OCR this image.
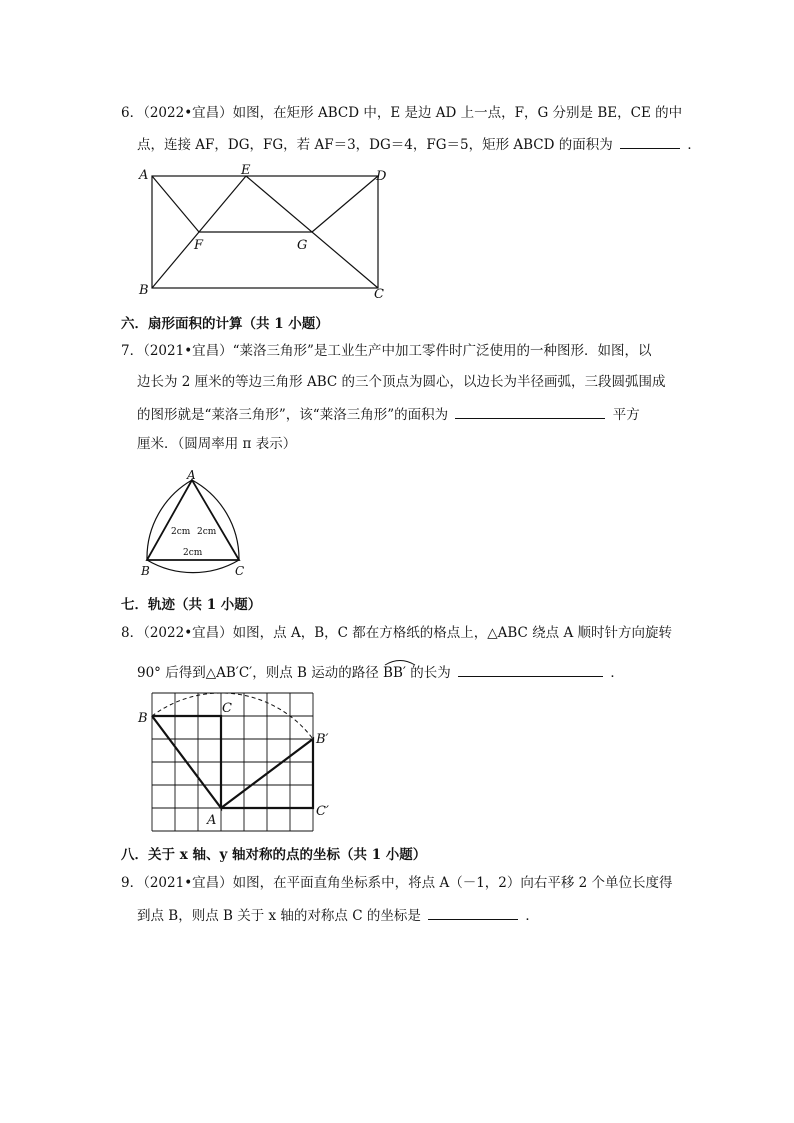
6．（2022•宜昌）如图，在矩形 ABCD 中，E 是边 AD 上一点，F，G 分别是 BE，CE 的中
点，连接 AF，DG，FG，若 AF＝3，DG＝4，FG＝5，矩形 ABCD 的面积为	．
A
B	C
D
E
F	G
六．扇形面积的计算（共 1 小题）
7．（2021•宜昌）“莱洛三角形”是工业生产中加工零件时广泛使用的一种图形．如图，以
边长为 2 厘米的等边三角形 ABC 的三个顶点为圆心，以边长为半径画弧，三段圆弧围成
的图形就是“莱洛三角形”，该“莱洛三角形”的面积为	平方
厘米．（圆周率用 π 表示）
A
B	C
2cm 2cm
2cm
七．轨迹（共 1 小题）
8．（2022•宜昌）如图，点 A，B，C 都在方格纸的格点上，△ABC 绕点 A 顺时针方向旋转
90° 后得到△AB′C′，则点 B 运动的路径 BB′ 的长为	．
B
C
A
B′
C′
八．关于 x 轴、y 轴对称的点的坐标（共 1 小题）
9．（2021•宜昌）如图，在平面直角坐标系中，将点 A（－1，2）向右平移 2 个单位长度得
到点 B，则点 B 关于 x 轴的对称点 C 的坐标是	．
